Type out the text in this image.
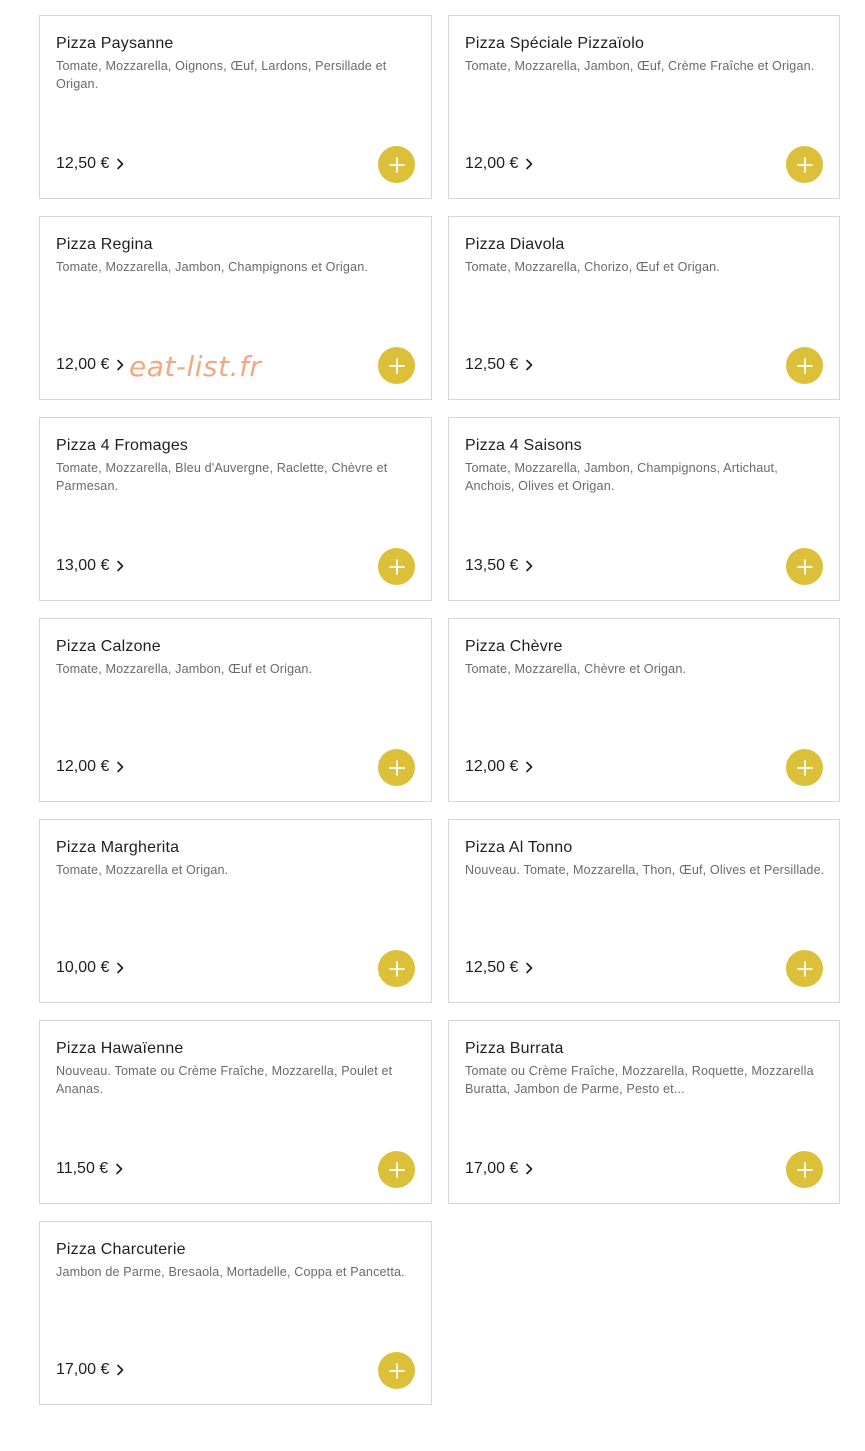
Pizza Paysanne
Tomate, Mozzarella, Oignons, Œuf, Lardons, Persillade et Origan.
12,50 €
Pizza Spéciale Pizzaïolo
Tomate, Mozzarella, Jambon, Œuf, Crème Fraîche et Origan.
12,00 €
Pizza Regina
Tomate, Mozzarella, Jambon, Champignons et Origan.
12,00 €
Pizza Diavola
Tomate, Mozzarella, Chorizo, Œuf et Origan.
12,50 €
Pizza 4 Fromages
Tomate, Mozzarella, Bleu d'Auvergne, Raclette, Chèvre et Parmesan.
13,00 €
Pizza 4 Saisons
Tomate, Mozzarella, Jambon, Champignons, Artichaut, Anchois, Olives et Origan.
13,50 €
Pizza Calzone
Tomate, Mozzarella, Jambon, Œuf et Origan.
12,00 €
Pizza Chèvre
Tomate, Mozzarella, Chèvre et Origan.
12,00 €
Pizza Margherita
Tomate, Mozzarella et Origan.
10,00 €
Pizza Al Tonno
Nouveau. Tomate, Mozzarella, Thon, Œuf, Olives et Persillade.
12,50 €
Pizza Hawaïenne
Nouveau. Tomate ou Crème Fraîche, Mozzarella, Poulet et Ananas.
11,50 €
Pizza Burrata
Tomate ou Crème Fraîche, Mozzarella, Roquette, Mozzarella Buratta, Jambon de Parme, Pesto et...
17,00 €
Pizza Charcuterie
Jambon de Parme, Bresaola, Mortadelle, Coppa et Pancetta.
17,00 €
eat-list.fr
